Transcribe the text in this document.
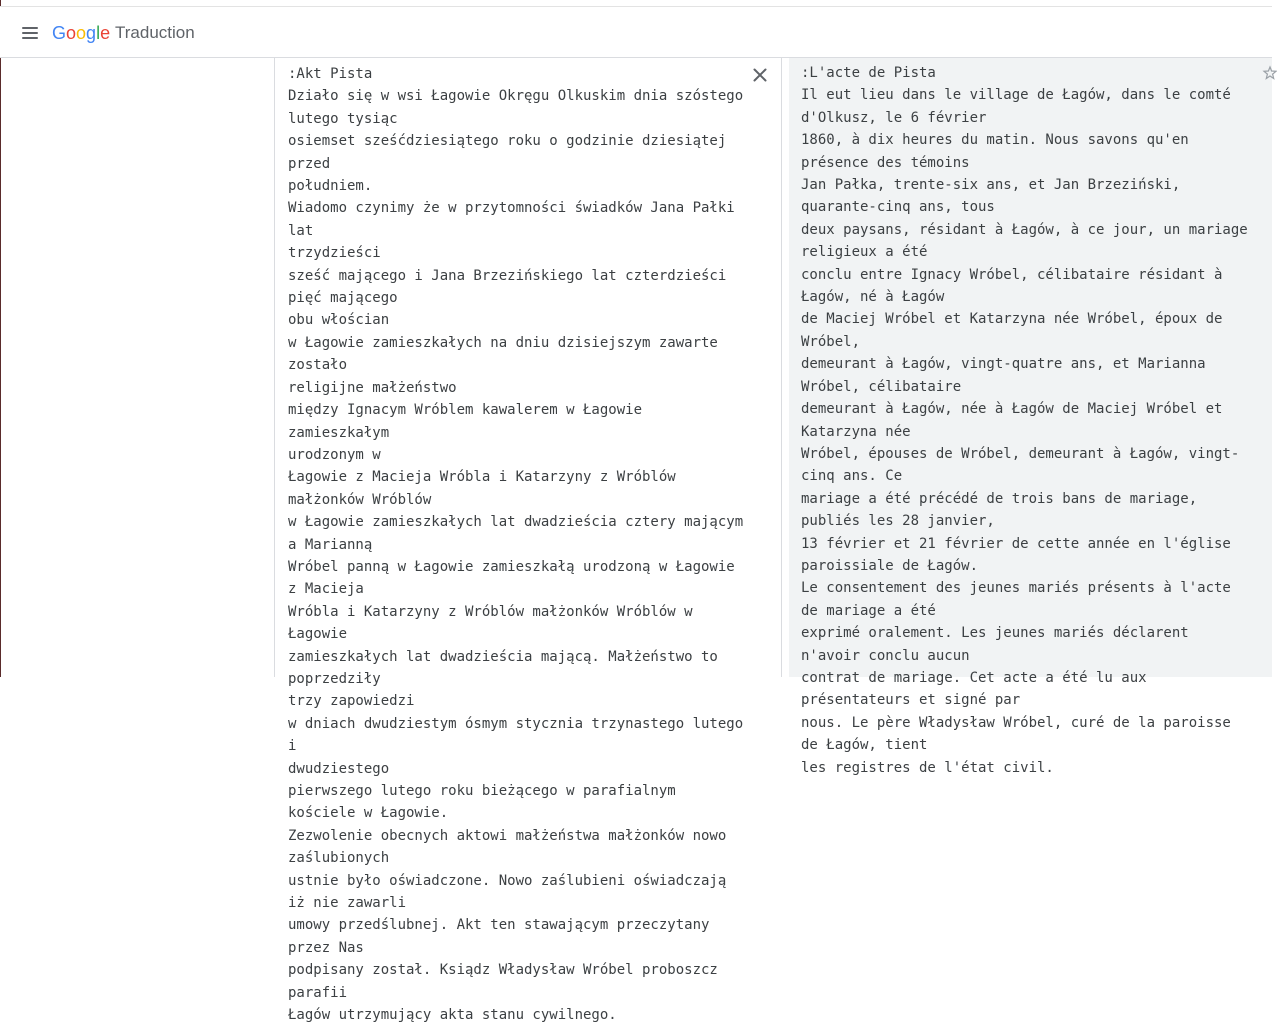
Google Traduction
:Akt Pista
Działo się w wsi Łagowie Okręgu Olkuskim dnia szóstego lutego tysiąc
osiemset sześćdziesiątego roku o godzinie dziesiątej przed
południem.
Wiadomo czynimy że w przytomności świadków Jana Pałki lat
trzydzieści
sześć mającego i Jana Brzezińskiego lat czterdzieści pięć mającego
obu włościan
w Łagowie zamieszkałych na dniu dzisiejszym zawarte zostało
religijne małżeństwo
między Ignacym Wróblem kawalerem w Łagowie zamieszkałym
urodzonym w
Łagowie z Macieja Wróbla i Katarzyny z Wróblów małżonków Wróblów
w Łagowie zamieszkałych lat dwadzieścia cztery mającym a Marianną
Wróbel panną w Łagowie zamieszkałą urodzoną w Łagowie z Macieja
Wróbla i Katarzyny z Wróblów małżonków Wróblów w Łagowie
zamieszkałych lat dwadzieścia mającą. Małżeństwo to poprzedziły
trzy zapowiedzi
w dniach dwudziestym ósmym stycznia trzynastego lutego i
dwudziestego
pierwszego lutego roku bieżącego w parafialnym kościele w Łagowie.
Zezwolenie obecnych aktowi małżeństwa małżonków nowo
zaślubionych
ustnie było oświadczone. Nowo zaślubieni oświadczają iż nie zawarli
umowy przedślubnej. Akt ten stawającym przeczytany przez Nas
podpisany został. Ksiądz Władysław Wróbel proboszcz parafii
Łagów utrzymujący akta stanu cywilnego.
:L'acte de Pista
Il eut lieu dans le village de Łagów, dans le comté d'Olkusz, le 6 février
1860, à dix heures du matin. Nous savons qu'en présence des témoins
Jan Pałka, trente-six ans, et Jan Brzeziński, quarante-cinq ans, tous
deux paysans, résidant à Łagów, à ce jour, un mariage religieux a été
conclu entre Ignacy Wróbel, célibataire résidant à Łagów, né à Łagów
de Maciej Wróbel et Katarzyna née Wróbel, époux de Wróbel,
demeurant à Łagów, vingt-quatre ans, et Marianna Wróbel, célibataire
demeurant à Łagów, née à Łagów de Maciej Wróbel et Katarzyna née
Wróbel, épouses de Wróbel, demeurant à Łagów, vingt-cinq ans. Ce
mariage a été précédé de trois bans de mariage, publiés les 28 janvier,
13 février et 21 février de cette année en l'église paroissiale de Łagów.
Le consentement des jeunes mariés présents à l'acte de mariage a été
exprimé oralement. Les jeunes mariés déclarent n'avoir conclu aucun
contrat de mariage. Cet acte a été lu aux présentateurs et signé par
nous. Le père Władysław Wróbel, curé de la paroisse de Łagów, tient
les registres de l'état civil.
